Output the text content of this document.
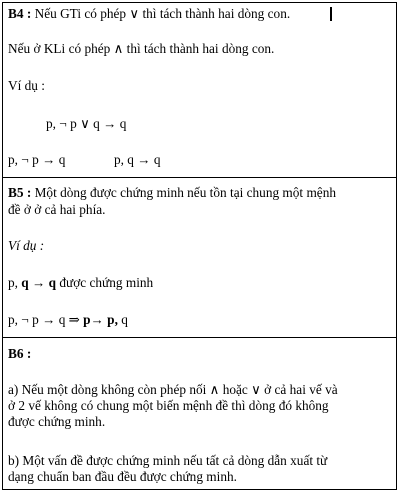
B4 : Nếu GTi có phép ∨ thì tách thành hai dòng con.
Nếu ở KLi có phép ∧ thì tách thành hai dòng con.
Ví dụ :
p, ¬ p ∨ q → q
p, ¬ p → q	p, q → q
B5 : Một dòng được chứng minh nếu tồn tại chung một mệnh
đề ở ở cả hai phía.
Ví dụ :
p, q → q được chứng minh
p, ¬ p → q ⇒ p→ p, q
B6 :
a) Nếu một dòng không còn phép nối ∧ hoặc ∨ ở cả hai vế và
ở 2 vế không có chung một biến mệnh đề thì dòng đó không
được chứng minh.
b) Một vấn đề được chứng minh nếu tất cả dòng dẫn xuất từ
dạng chuẩn ban đầu đều được chứng minh.
